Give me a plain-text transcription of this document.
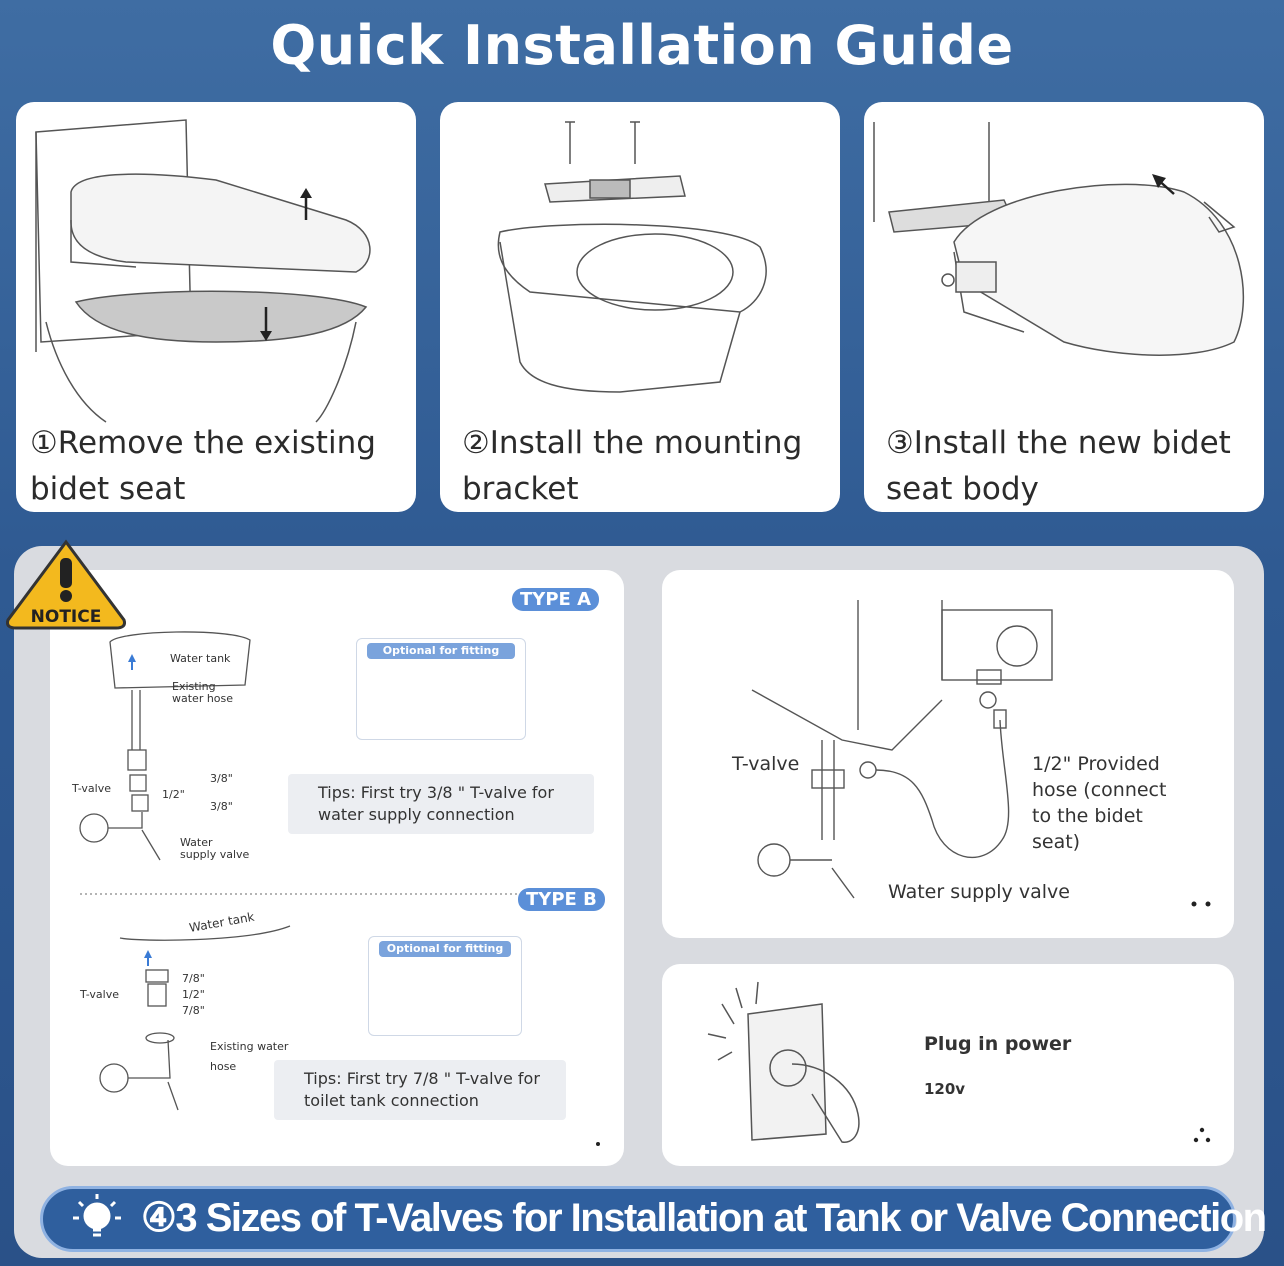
Quick Installation Guide
①Remove the existing
bidet seat
②Install the mounting
bracket
③Install the new bidet
seat body
Water tank
Existing
water hose
T-valve
3/8"
1/2"
3/8"
Water
supply valve
Water tank
T-valve
7/8"
1/2"
7/8"
Existing water
hose
TYPE A
Optional for fitting
Tips: First try 3/8 " T-valve for
water supply connection
TYPE B
Optional for fitting
Tips: First try 7/8 " T-valve for
toilet tank connection
NOTICE
T-valve	1/2" Provided
hose (connect
to the bidet
seat)
Water supply valve
Plug in power
120v
④3 Sizes of T-Valves for Installation at Tank or Valve Connection
